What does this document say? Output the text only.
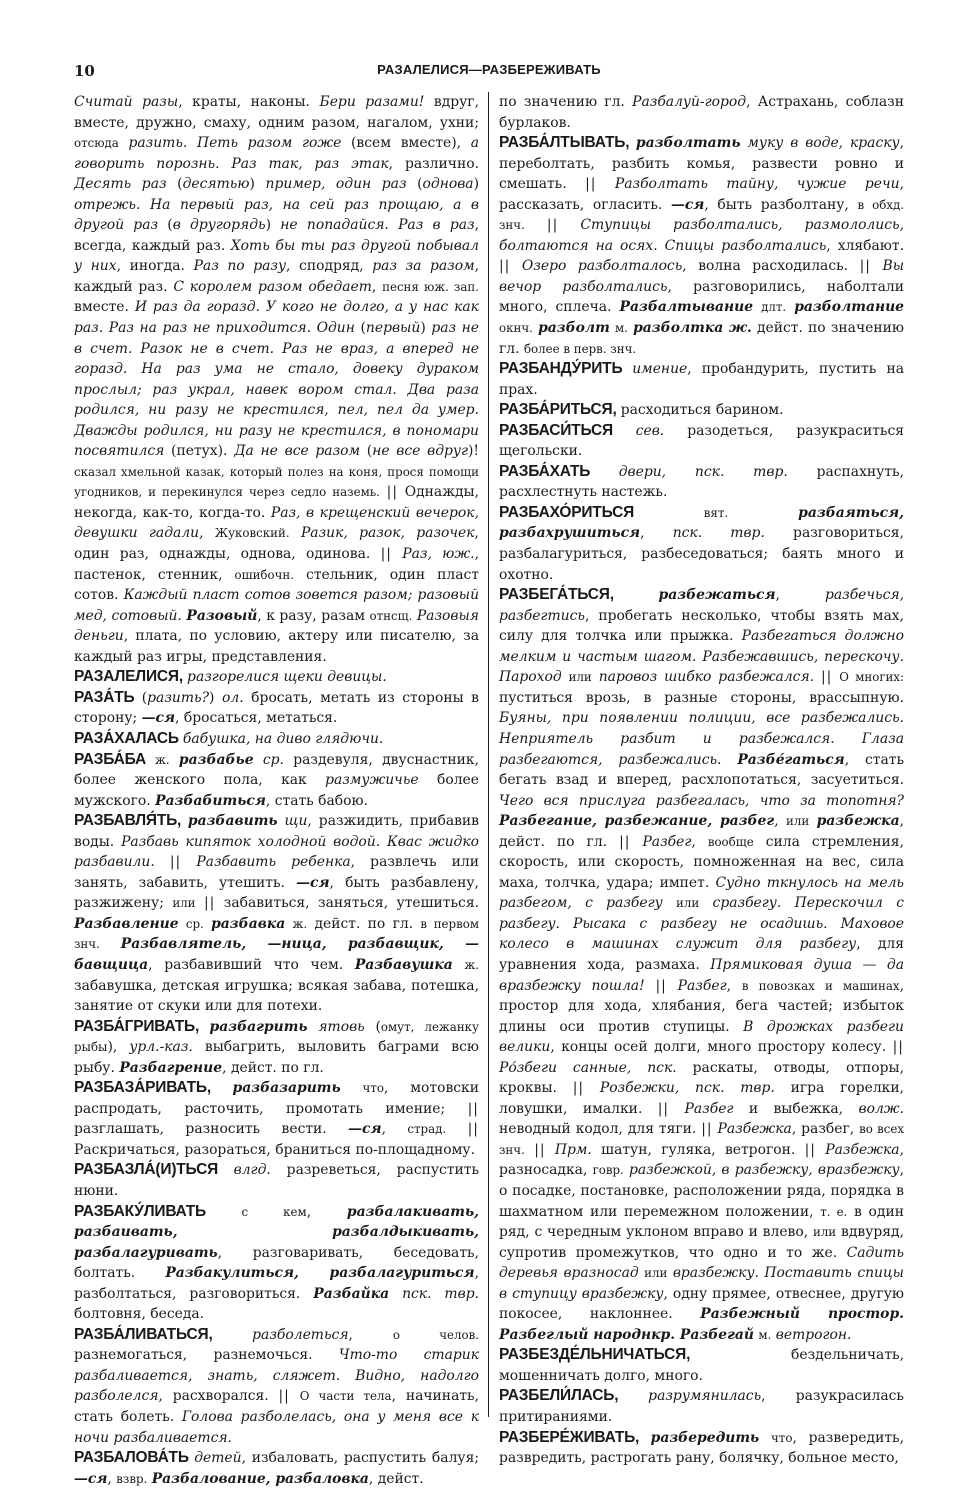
10	РАЗАЛЕЛИСЯ—РАЗБЕРЕЖИВАТЬ

Считай разы, краты, наконы. Бери разами! вдруг, вместе, дружно, смаху, одним разом, нагалом, ухни; отсюда разить. Петь разом гоже (всем вместе), а говорить порознь. Раз так, раз этак, различно. Десять раз (десятью) пример, один раз (однова) отрежь. На первый раз, на сей раз прощаю, а в другой раз (в другорядь) не попадайся. Раз в раз, всегда, каждый раз. Хоть бы ты раз другой побывал у них, иногда. Раз по разу, сподряд, раз за разом, каждый раз. С королем разом обедает, песня юж. зап. вместе. И раз да горазд. У кого не долго, а у нас как раз. Раз на раз не приходится. Один (первый) раз не в счет. Разок не в счет. Раз не враз, а вперед не горазд. На раз ума не стало, довеку дураком прослыл; раз украл, навек вором стал. Два раза родился, ни разу не крестился, пел, пел да умер. Дважды родился, ни разу не крестился, в пономари посвятился (петух). Да не все разом (не все вдруг)! сказал хмельной казак, который полез на коня, прося помощи угодников, и перекинулся через седло наземь. || Однажды, некогда, как-то, когда-то. Раз, в крещенский вечерок, девушки гадали, Жуковский. Разик, разок, разочек, один раз, однажды, однова, одинова. || Раз, юж., пастенок, стенник, ошибочн. стельник, один пласт сотов. Каждый пласт сотов зовется разом; разовый мед, сотовый. Разовый, к разу, разам отнсщ. Разовыя деньги, плата, по условию, актеру или писателю, за каждый раз игры, представления.

РАЗАЛЕЛИСЯ, разгорелися щеки девицы.

РАЗА́ТЬ (разить?) ол. бросать, метать из стороны в сторону; —ся, бросаться, метаться.

РАЗА́ХАЛАСЬ бабушка, на диво глядючи.

РАЗБА́БА ж. разбабье ср. раздевуля, двуснастник, более женского пола, как размужичье более мужского. Разбабиться, стать бабою.

РАЗБАВЛЯ́ТЬ, разбавить щи, разжидить, прибавив воды. Разбавь кипяток холодной водой. Квас жидко разбавили. || Разбавить ребенка, развлечь или занять, забавить, утешить. —ся, быть разбавлену, разжижену; или || забавиться, заняться, утешиться. Разбавление ср. разбавка ж. дейст. по гл. в первом знч. Разбавлятель, —ница, разбавщик, —бавщица, разбавивший что чем. Разбавушка ж. забавушка, детская игрушка; всякая забава, потешка, занятие от скуки или для потехи.

РАЗБА́ГРИВАТЬ, разбагрить ятовь (омут, лежанку рыбы), урл.-каз. выбагрить, выловить баграми всю рыбу. Разбагрение, дейст. по гл.

РАЗБАЗА́РИВАТЬ, разбазарить что, мотовски распродать, расточить, промотать имение; || разглашать, разносить вести. —ся, страд. || Раскричаться, разораться, браниться по-площадному.

РАЗБАЗЛА́(И)ТЬСЯ влгд. разреветься, распустить нюни.

РАЗБАКУ́ЛИВАТЬ	с кем, разбалакивать, разбаивать, разбалдыкивать, разбалагуривать, разговаривать, беседовать, болтать. Разбакулиться, разбалагуриться, разболтаться, разговориться. Разбайка пск. твр. болтовня, беседа.

РАЗБА́ЛИВАТЬСЯ,	разболеться, о челов. разнемогаться, разнемочься. Что-то старик разбаливается, знать, сляжет. Видно, надолго разболелся, расхворался. || О части тела, начинать, стать болеть. Голова разболелась, она у меня все к ночи разбаливается.

РАЗБАЛОВА́ТЬ детей, избаловать, распустить балуя; —ся, взвр. Разбалование, разбаловка, дейст.

по значению гл. Разбалуй-город, Астрахань, соблазн бурлаков.

РАЗБА́ЛТЫВАТЬ, разболтать муку в воде, краску, переболтать, разбить комья, развести ровно и смешать. || Разболтать тайну, чужие речи, рассказать, огласить. —ся, быть разболтану, в обхд. знч. || Ступицы разболтались, размололись, болтаются на осях. Спицы разболтались, хлябают. || Озеро разболталось, волна расходилась. || Вы вечор разболтались, разговорились, наболтали много, сплеча. Разбалтывание длт. разболтание окнч. разболт м. разболтка ж. дейст. по значению гл. более в перв. знч.

РАЗБАНДУ́РИТЬ имение, пробандурить, пустить на прах.

РАЗБА́РИТЬСЯ, расходиться барином.

РАЗБАСИ́ТЬСЯ сев. разодеться, разукраситься щегольски.

РАЗБА́ХАТЬ двери, пск. твр. распахнуть, расхлестнуть настежь.

РАЗБАХО́РИТЬСЯ	вят.	разбаяться, разбахрушиться, пск. твр. разговориться, разбалагуриться, разбеседоваться; баять много и охотно.

РАЗБЕГА́ТЬСЯ,	разбежаться, разбечься, разбегтись, пробегать несколько, чтобы взять мах, силу для толчка или прыжка. Разбегаться должно мелким и частым шагом. Разбежавшись, перескочу. Пароход или паровоз шибко разбежался. || О многих: пуститься врозь, в разные стороны, врассыпную. Буяны, при появлении полиции, все разбежались. Неприятель разбит и разбежался. Глаза разбегаются, разбежались. Разбе́гаться, стать бегать взад и вперед, расхлопотаться, засуетиться. Чего вся прислуга разбегалась, что за топотня? Разбегание, разбежание, разбег, или разбежка, дейст. по гл. || Разбег, вообще сила стремления, скорость, или скорость, помноженная на вес, сила маха, толчка, удара; импет. Судно ткнулось на мель разбегом, с разбегу или сразбегу. Перескочил с разбегу. Рысака с разбегу не осадишь. Маховое колесо в машинах служит для разбегу, для уравнения хода, размаха. Прямиковая душа — да вразбежку пошла! || Разбег, в повозках и машинах, простор для хода, хлябания, бега частей; избыток длины оси против ступицы. В дрожках разбеги велики, концы осей долги, много простору колесу. || Ро́збеги санные, пск. раскаты, отводы, отпоры, кроквы. || Розбежки, пск. твр. игра горелки, ловушки, ималки. || Разбег и выбежка, волж. неводный кодол, для тяги. || Разбежка, разбег, во всех знч. || Прм. шатун, гуляка, ветрогон. || Разбежка, разносадка, говр. разбежкой, в разбежку, вразбежку, о посадке, постановке, расположении ряда, порядка в шахматном или перемежном положении, т. е. в один ряд, с чередным уклоном вправо и влево, или вдвуряд, супротив промежутков, что одно и то же. Садить деревья вразносад или вразбежку. Поставить спицы в ступицу вразбежку, одну прямее, отвеснее, другую покосее, наклоннее. Разбежный простор. Разбеглый народнкр. Разбегай м. ветрогон.

РАЗБЕЗДЕ́ЛЬНИЧАТЬСЯ,	бездельничать, мошенничать долго, много.

РАЗБЕЛИ́ЛАСЬ, разрумянилась, разукрасилась притираниями.

РАЗБЕРЕ́ЖИВАТЬ, разбередить что, развередить, развредить, растрогать рану, болячку, больное место,
